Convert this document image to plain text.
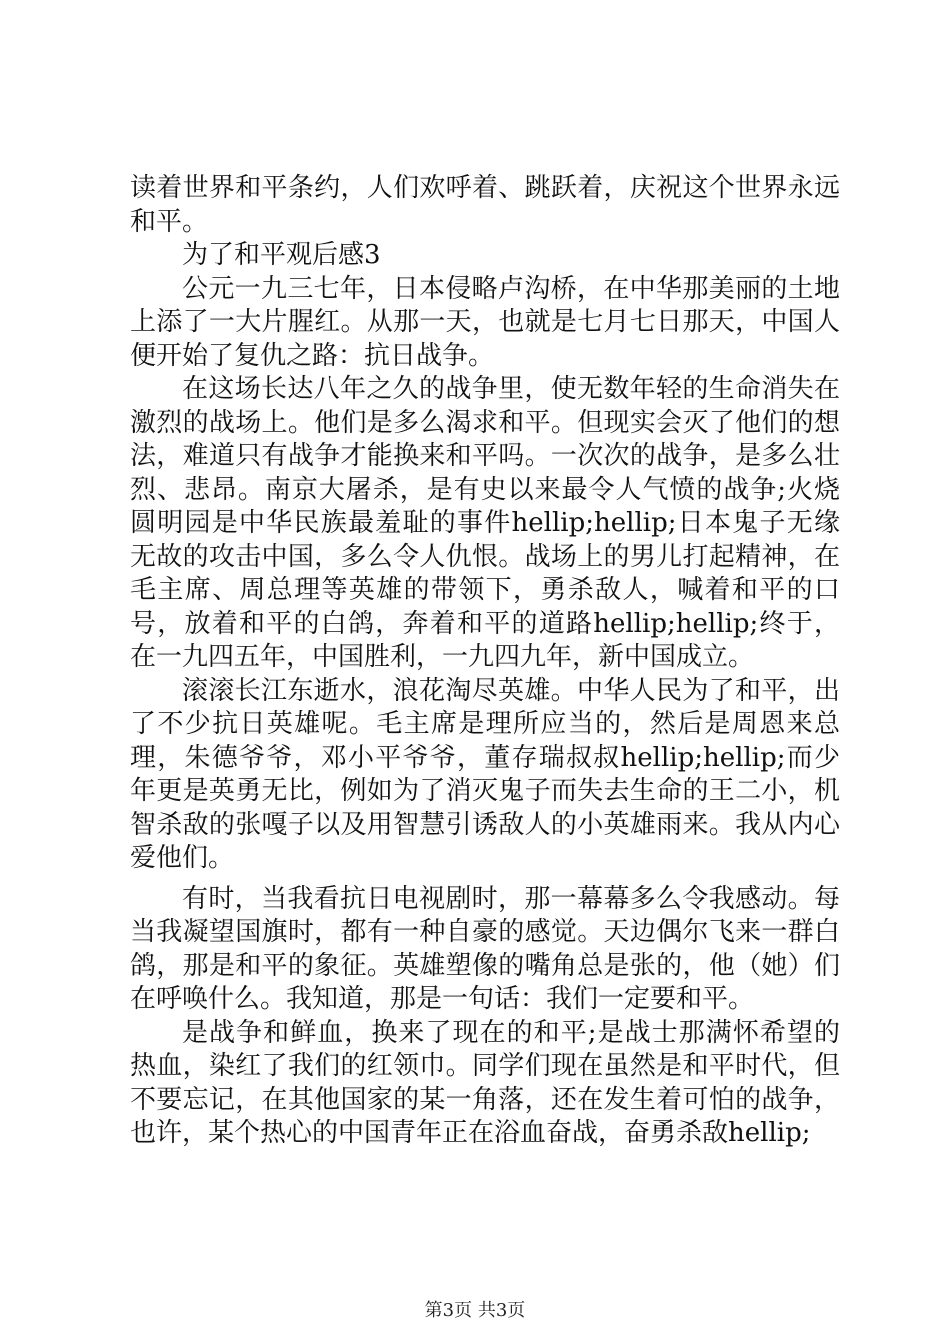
读着世界和平条约，人们欢呼着、跳跃着，庆祝这个世界永远和平。

为了和平观后感3

公元一九三七年，日本侵略卢沟桥，在中华那美丽的土地上添了一大片腥红。从那一天，也就是七月七日那天，中国人便开始了复仇之路：抗日战争。

在这场长达八年之久的战争里，使无数年轻的生命消失在激烈的战场上。他们是多么渴求和平。但现实会灭了他们的想法，难道只有战争才能换来和平吗。一次次的战争，是多么壮烈、悲昂。南京大屠杀，是有史以来最令人气愤的战争;火烧圆明园是中华民族最羞耻的事件hellip;hellip;日本鬼子无缘无故的攻击中国，多么令人仇恨。战场上的男儿打起精神，在毛主席、周总理等英雄的带领下，勇杀敌人，喊着和平的口号，放着和平的白鸽，奔着和平的道路hellip;hellip;终于，在一九四五年，中国胜利，一九四九年，新中国成立。

滚滚长江东逝水，浪花淘尽英雄。中华人民为了和平，出了不少抗日英雄呢。毛主席是理所应当的，然后是周恩来总理，朱德爷爷，邓小平爷爷，董存瑞叔叔hellip;hellip;而少年更是英勇无比，例如为了消灭鬼子而失去生命的王二小，机智杀敌的张嘎子以及用智慧引诱敌人的小英雄雨来。我从内心爱他们。

有时，当我看抗日电视剧时，那一幕幕多么令我感动。每当我凝望国旗时，都有一种自豪的感觉。天边偶尔飞来一群白鸽，那是和平的象征。英雄塑像的嘴角总是张的，他（她）们在呼唤什么。我知道，那是一句话：我们一定要和平。

是战争和鲜血，换来了现在的和平;是战士那满怀希望的热血，染红了我们的红领巾。同学们现在虽然是和平时代，但不要忘记，在其他国家的某一角落，还在发生着可怕的战争，也许，某个热心的中国青年正在浴血奋战，奋勇杀敌hellip;

第3页 共3页
